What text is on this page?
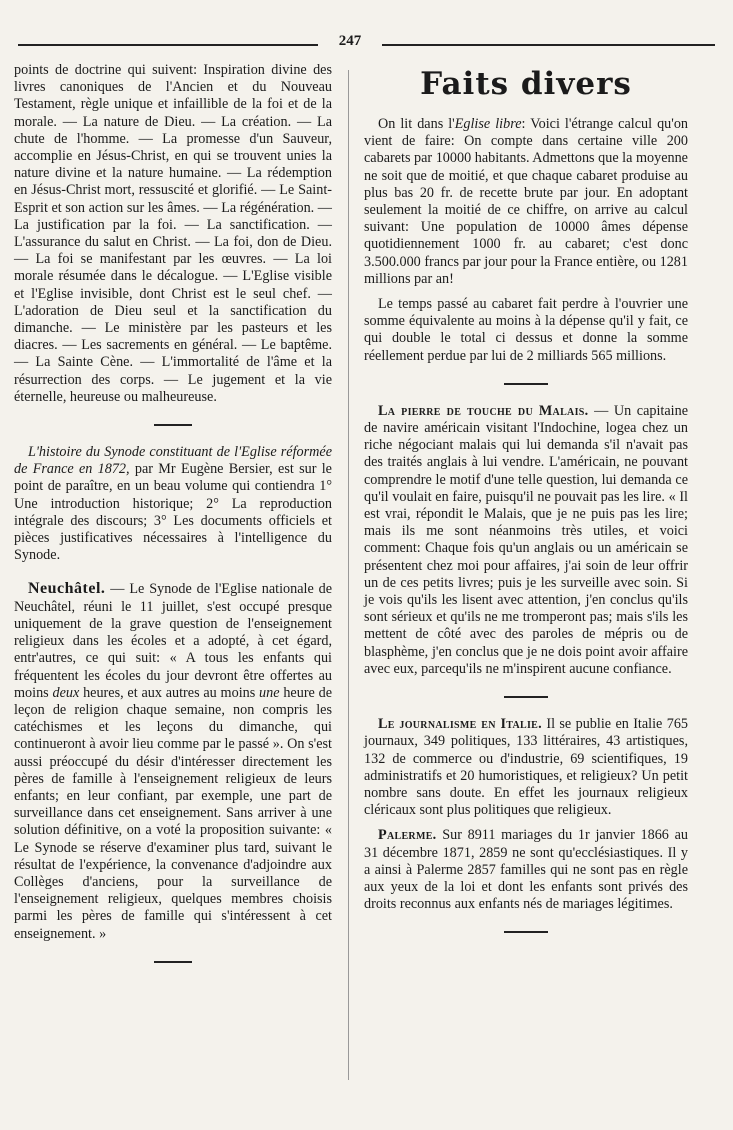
247

points de doctrine qui suivent: Inspiration divine des livres canoniques de l'Ancien et du Nouveau Testament, règle unique et infaillible de la foi et de la morale. — La nature de Dieu. — La création. — La chute de l'homme. — La promesse d'un Sauveur, accomplie en Jésus-Christ, en qui se trouvent unies la nature divine et la nature humaine. — La rédemption en Jésus-Christ mort, ressuscité et glorifié. — Le Saint-Esprit et son action sur les âmes. — La régénération. — La justification par la foi. — La sanctification. — L'assurance du salut en Christ. — La foi, don de Dieu. — La foi se manifestant par les œuvres. — La loi morale résumée dans le décalogue. — L'Eglise visible et l'Eglise invisible, dont Christ est le seul chef. — L'adoration de Dieu seul et la sanctification du dimanche. — Le ministère par les pasteurs et les diacres. — Les sacrements en général. — Le baptême. — La Sainte Cène. — L'immortalité de l'âme et la résurrection des corps. — Le jugement et la vie éternelle, heureuse ou malheureuse.

L'histoire du Synode constituant de l'Eglise réformée de France en 1872, par Mr Eugène Bersier, est sur le point de paraître, en un beau volume qui contiendra 1° Une introduction historique; 2° La reproduction intégrale des discours; 3° Les documents officiels et pièces justificatives nécessaires à l'intelligence du Synode.

Neuchâtel. — Le Synode de l'Eglise nationale de Neuchâtel, réuni le 11 juillet, s'est occupé presque uniquement de la grave question de l'enseignement religieux dans les écoles et a adopté, à cet égard, entr'autres, ce qui suit: « A tous les enfants qui fréquentent les écoles du jour devront être offertes au moins deux heures, et aux autres au moins une heure de leçon de religion chaque semaine, non compris les catéchismes et les leçons du dimanche, qui continueront à avoir lieu comme par le passé ». On s'est aussi préoccupé du désir d'intéresser directement les pères de famille à l'enseignement religieux de leurs enfants; en leur confiant, par exemple, une part de surveillance dans cet enseignement. Sans arriver à une solution définitive, on a voté la proposition suivante: « Le Synode se réserve d'examiner plus tard, suivant le résultat de l'expérience, la convenance d'adjoindre aux Collèges d'anciens, pour la surveillance de l'enseignement religieux, quelques membres choisis parmi les pères de famille qui s'intéressent à cet enseignement. »

Faits divers

On lit dans l'Eglise libre: Voici l'étrange calcul qu'on vient de faire: On compte dans certaine ville 200 cabarets par 10000 habitants. Admettons que la moyenne ne soit que de moitié, et que chaque cabaret produise au plus bas 20 fr. de recette brute par jour. En adoptant seulement la moitié de ce chiffre, on arrive au calcul suivant: Une population de 10000 âmes dépense quotidiennement 1000 fr. au cabaret; c'est donc 3.500.000 francs par jour pour la France entière, ou 1281 millions par an!

Le temps passé au cabaret fait perdre à l'ouvrier une somme équivalente au moins à la dépense qu'il y fait, ce qui double le total ci dessus et donne la somme réellement perdue par lui de 2 milliards 565 millions.

La pierre de touche du Malais. — Un capitaine de navire américain visitant l'Indochine, logea chez un riche négociant malais qui lui demanda s'il n'avait pas des traités anglais à lui vendre. L'américain, ne pouvant comprendre le motif d'une telle question, lui demanda ce qu'il voulait en faire, puisqu'il ne pouvait pas les lire. « Il est vrai, répondit le Malais, que je ne puis pas les lire; mais ils me sont néanmoins très utiles, et voici comment: Chaque fois qu'un anglais ou un américain se présentent chez moi pour affaires, j'ai soin de leur offrir un de ces petits livres; puis je les surveille avec soin. Si je vois qu'ils les lisent avec attention, j'en conclus qu'ils sont sérieux et qu'ils ne me tromperont pas; mais s'ils les mettent de côté avec des paroles de mépris ou de blasphème, j'en conclus que je ne dois point avoir affaire avec eux, parcequ'ils ne m'inspirent aucune confiance.

Le journalisme en Italie. Il se publie en Italie 765 journaux, 349 politiques, 133 littéraires, 43 artistiques, 132 de commerce ou d'industrie, 69 scientifiques, 19 administratifs et 20 humoristiques, et religieux? Un petit nombre sans doute. En effet les journaux religieux cléricaux sont plus politiques que religieux.

Palerme. Sur 8911 mariages du 1r janvier 1866 au 31 décembre 1871, 2859 ne sont qu'ecclésiastiques. Il y a ainsi à Palerme 2857 familles qui ne sont pas en règle aux yeux de la loi et dont les enfants sont privés des droits reconnus aux enfants nés de mariages légitimes.
